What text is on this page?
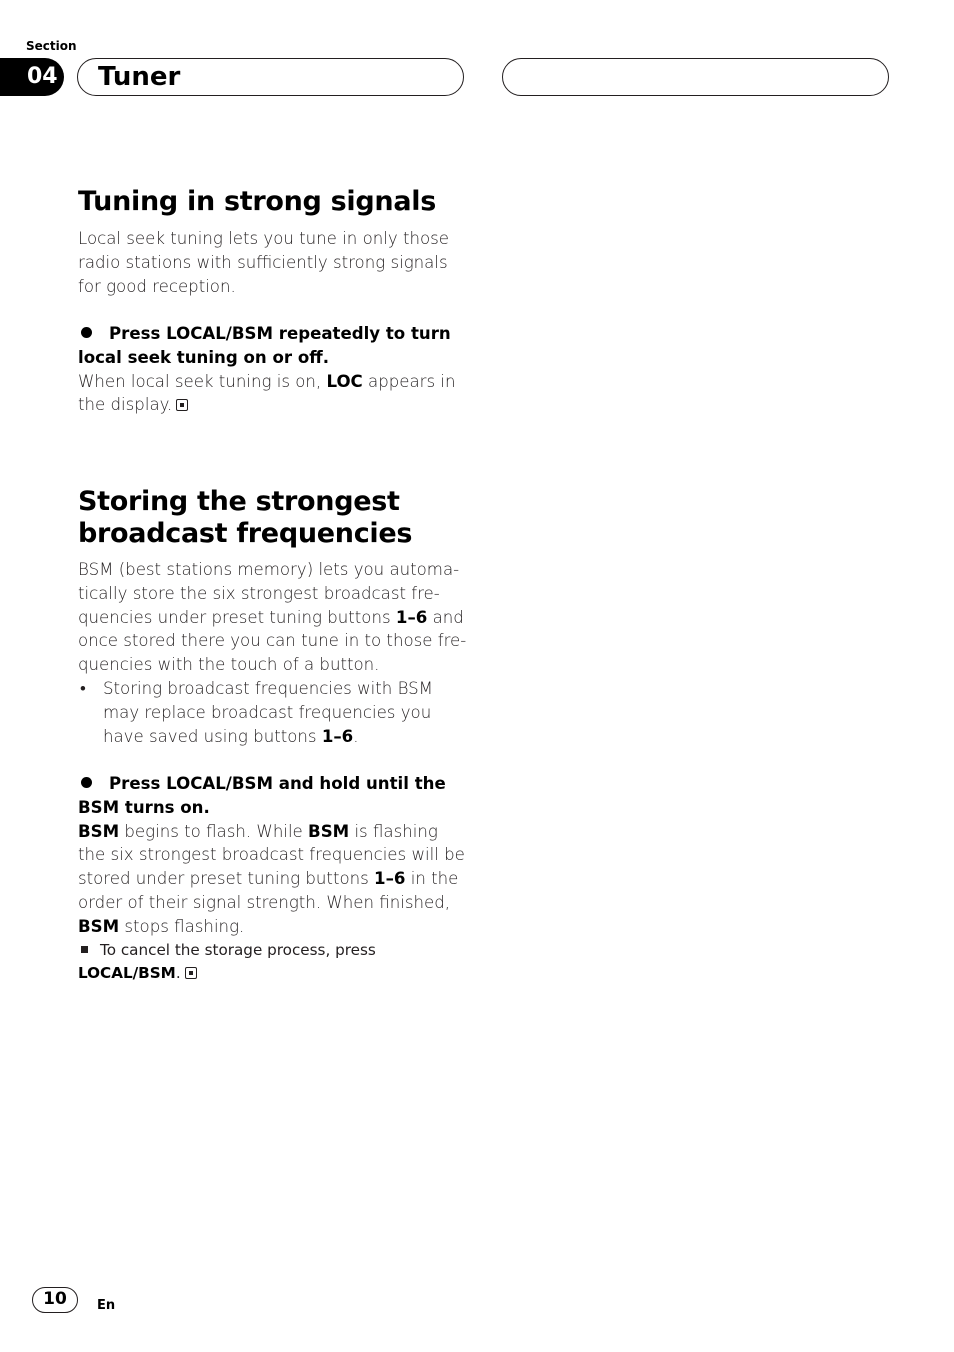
Section
04 Tuner
Tuning in strong signals

Local seek tuning lets you tune in only those

radio stations with sufficiently strong signals

for good reception.

Press LOCAL/BSM repeatedly to turn

local seek tuning on or off.

When local seek tuning is on, LOC appears in

the display.

Storing the strongest
broadcast frequencies

BSM (best stations memory) lets you automa-

tically store the six strongest broadcast fre-

quencies under preset tuning buttons 1–6 and

once stored there you can tune in to those fre-

quencies with the touch of a button.

• Storing broadcast frequencies with BSM

may replace broadcast frequencies you

have saved using buttons 1–6.

Press LOCAL/BSM and hold until the

BSM turns on.

BSM begins to flash. While BSM is flashing

the six strongest broadcast frequencies will be

stored under preset tuning buttons 1–6 in the

order of their signal strength. When finished,

BSM stops flashing.

To cancel the storage process, press

LOCAL/BSM.

10	En
